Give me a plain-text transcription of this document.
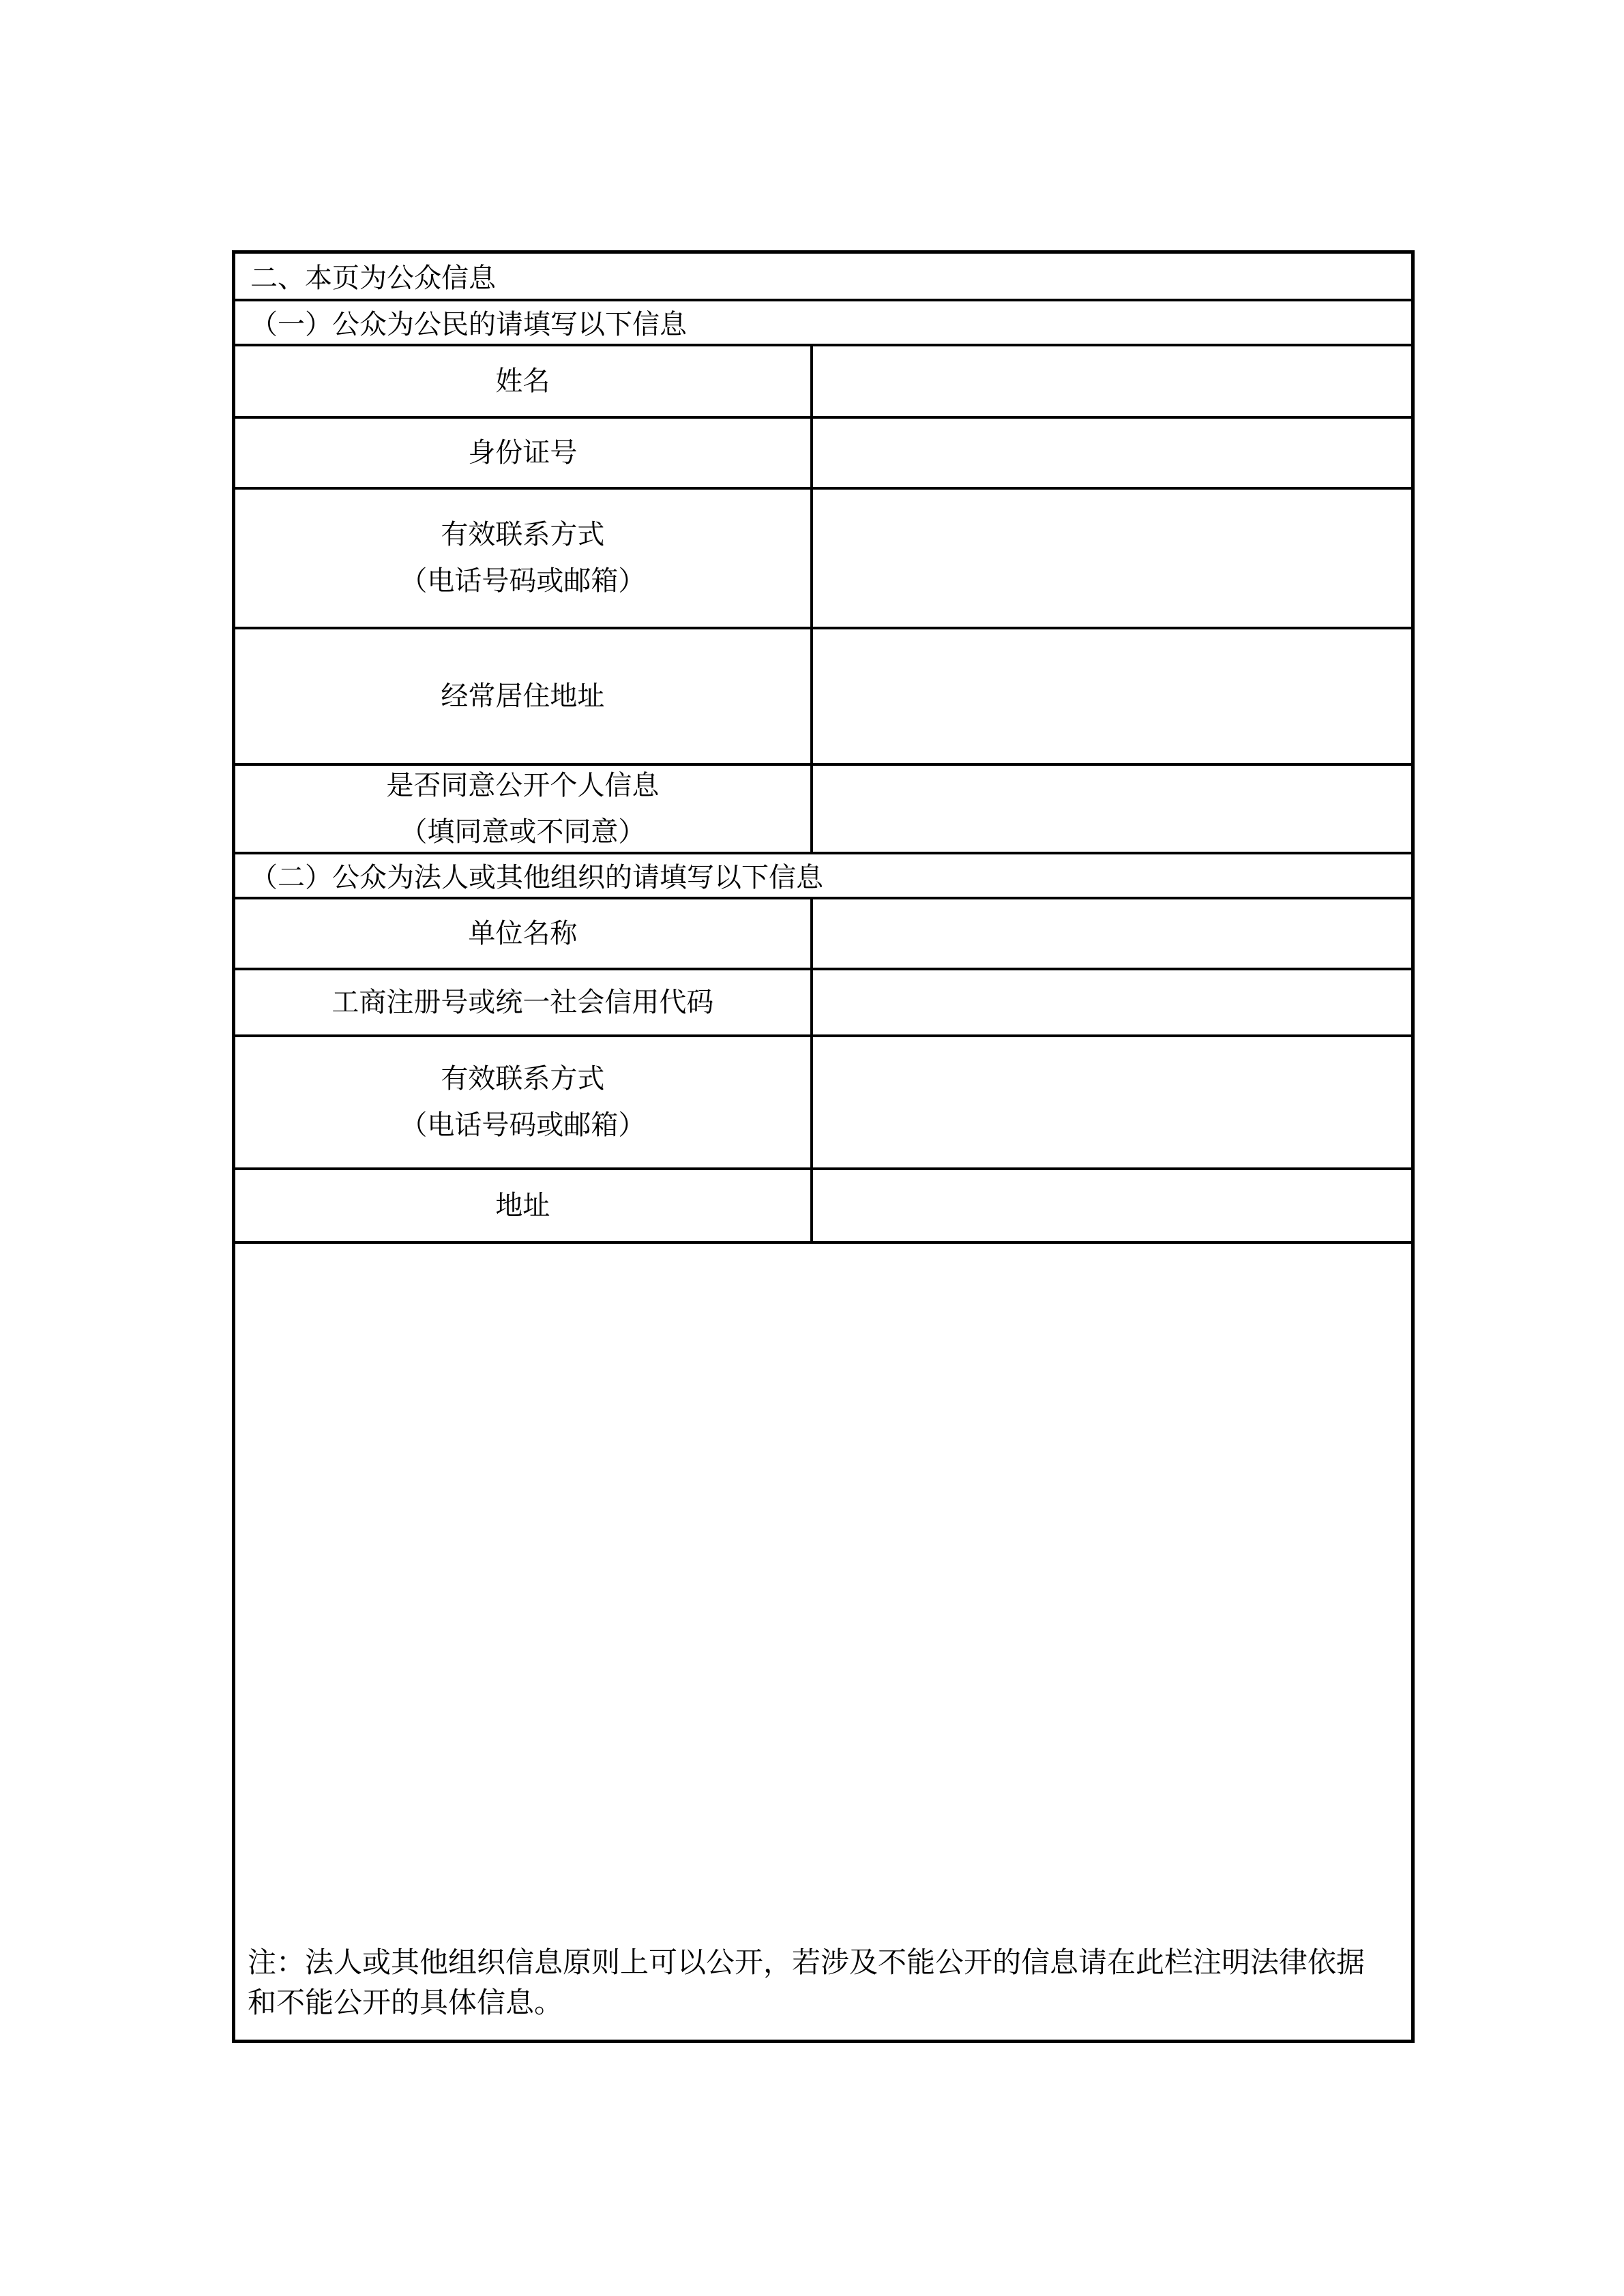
二、本页为公众信息	
（一）公众为公民的请填写以下信息	

姓名	

身份证号	

有效联系方式
（电话号码或邮箱）	

经常居住地址	

是否同意公开个人信息
（填同意或不同意）	

（二）公众为法人或其他组织的请填写以下信息	

单位名称	

工商注册号或统一社会信用代码	

有效联系方式
（电话号码或邮箱）	

地址	

注：法人或其他组织信息原则上可以公开，若涉及不能公开的信息请在此栏注明法律依据和不能公开的具体信息。	
